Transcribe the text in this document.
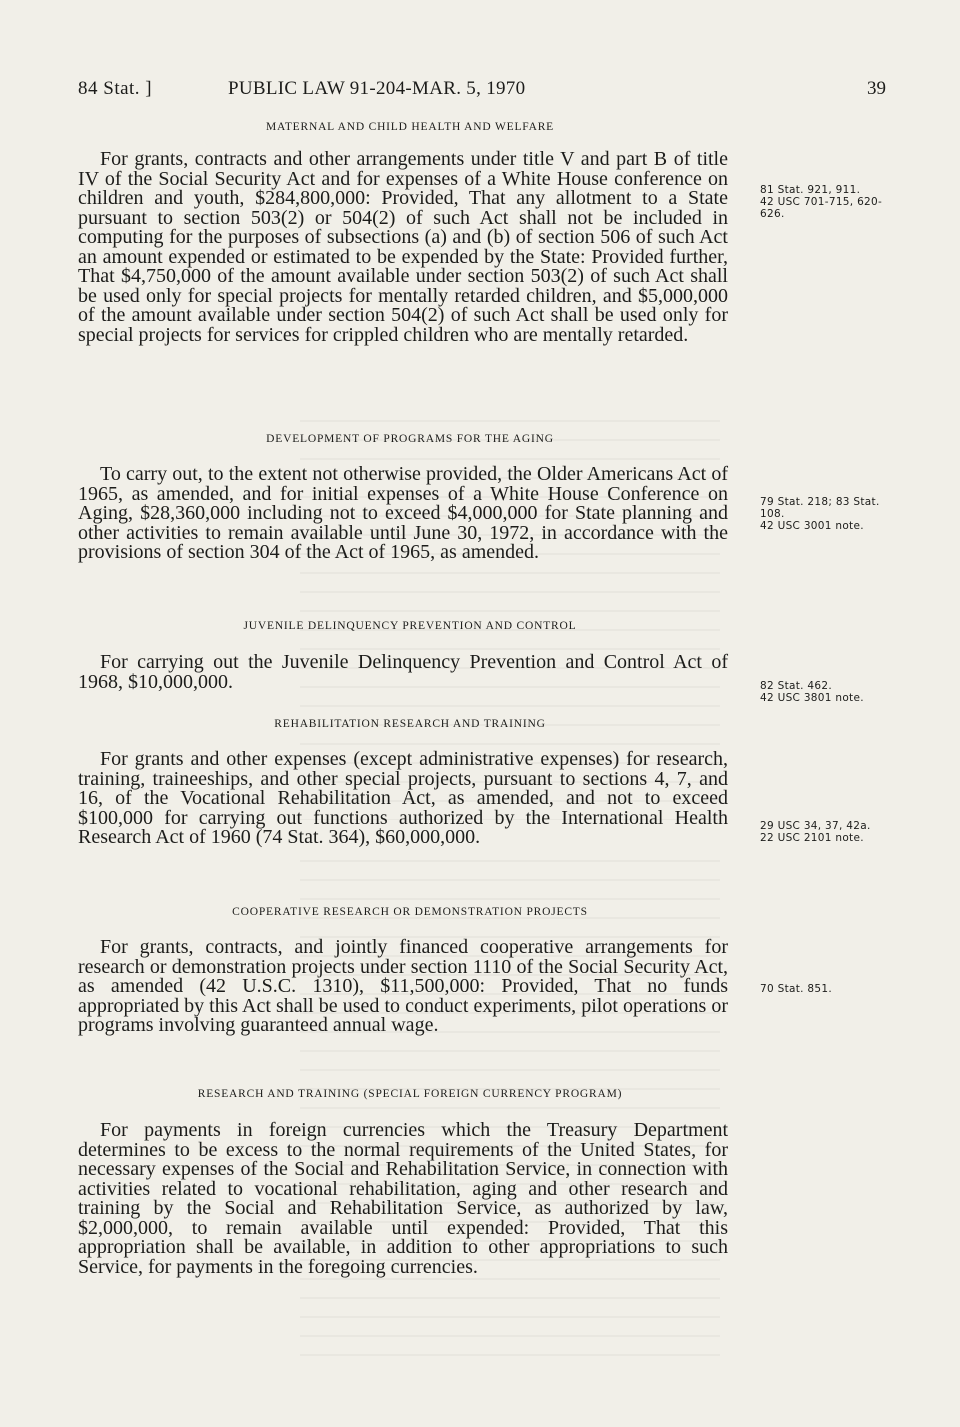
84 Stat. ]	PUBLIC LAW 91-204-MAR. 5, 1970	39
MATERNAL AND CHILD HEALTH AND WELFARE

For grants, contracts and other arrangements under title V and part B of title IV of the Social Security Act and for expenses of a White House conference on children and youth, $284,800,000: Provided, That any allotment to a State pursuant to section 503(2) or 504(2) of such Act shall not be included in computing for the purposes of subsections (a) and (b) of section 506 of such Act an amount expended or estimated to be expended by the State: Provided further, That $4,750,000 of the amount available under section 503(2) of such Act shall be used only for special projects for mentally retarded children, and $5,000,000 of the amount available under section 504(2) of such Act shall be used only for special projects for services for crippled children who are mentally retarded.

81 Stat. 921, 911.
42 USC 701-715, 620-626.
DEVELOPMENT OF PROGRAMS FOR THE AGING

To carry out, to the extent not otherwise provided, the Older Americans Act of 1965, as amended, and for initial expenses of a White House Conference on Aging, $28,360,000 including not to exceed $4,000,000 for State planning and other activities to remain available until June 30, 1972, in accordance with the provisions of section 304 of the Act of 1965, as amended.

79 Stat. 218; 83 Stat. 108.
42 USC 3001 note.
JUVENILE DELINQUENCY PREVENTION AND CONTROL

For carrying out the Juvenile Delinquency Prevention and Control Act of 1968, $10,000,000.	82 Stat. 462.
42 USC 3801 note.
REHABILITATION RESEARCH AND TRAINING

For grants and other expenses (except administrative expenses) for research, training, traineeships, and other special projects, pursuant to sections 4, 7, and 16, of the Vocational Rehabilitation Act, as amended, and not to exceed $100,000 for carrying out functions authorized by the International Health Research Act of 1960 (74 Stat. 364), $60,000,000.	29 USC 34, 37, 42a.
22 USC 2101 note.
COOPERATIVE RESEARCH OR DEMONSTRATION PROJECTS

For grants, contracts, and jointly financed cooperative arrangements for research or demonstration projects under section 1110 of the Social Security Act, as amended (42 U.S.C. 1310), $11,500,000: Provided, That no funds appropriated by this Act shall be used to conduct experiments, pilot operations or programs involving guaranteed annual wage.

70 Stat. 851.
RESEARCH AND TRAINING (SPECIAL FOREIGN CURRENCY PROGRAM)

For payments in foreign currencies which the Treasury Department determines to be excess to the normal requirements of the United States, for necessary expenses of the Social and Rehabilitation Service, in connection with activities related to vocational rehabilitation, aging and other research and training by the Social and Rehabilitation Service, as authorized by law, $2,000,000, to remain available until expended: Provided, That this appropriation shall be available, in addition to other appropriations to such Service, for payments in the foregoing currencies.
